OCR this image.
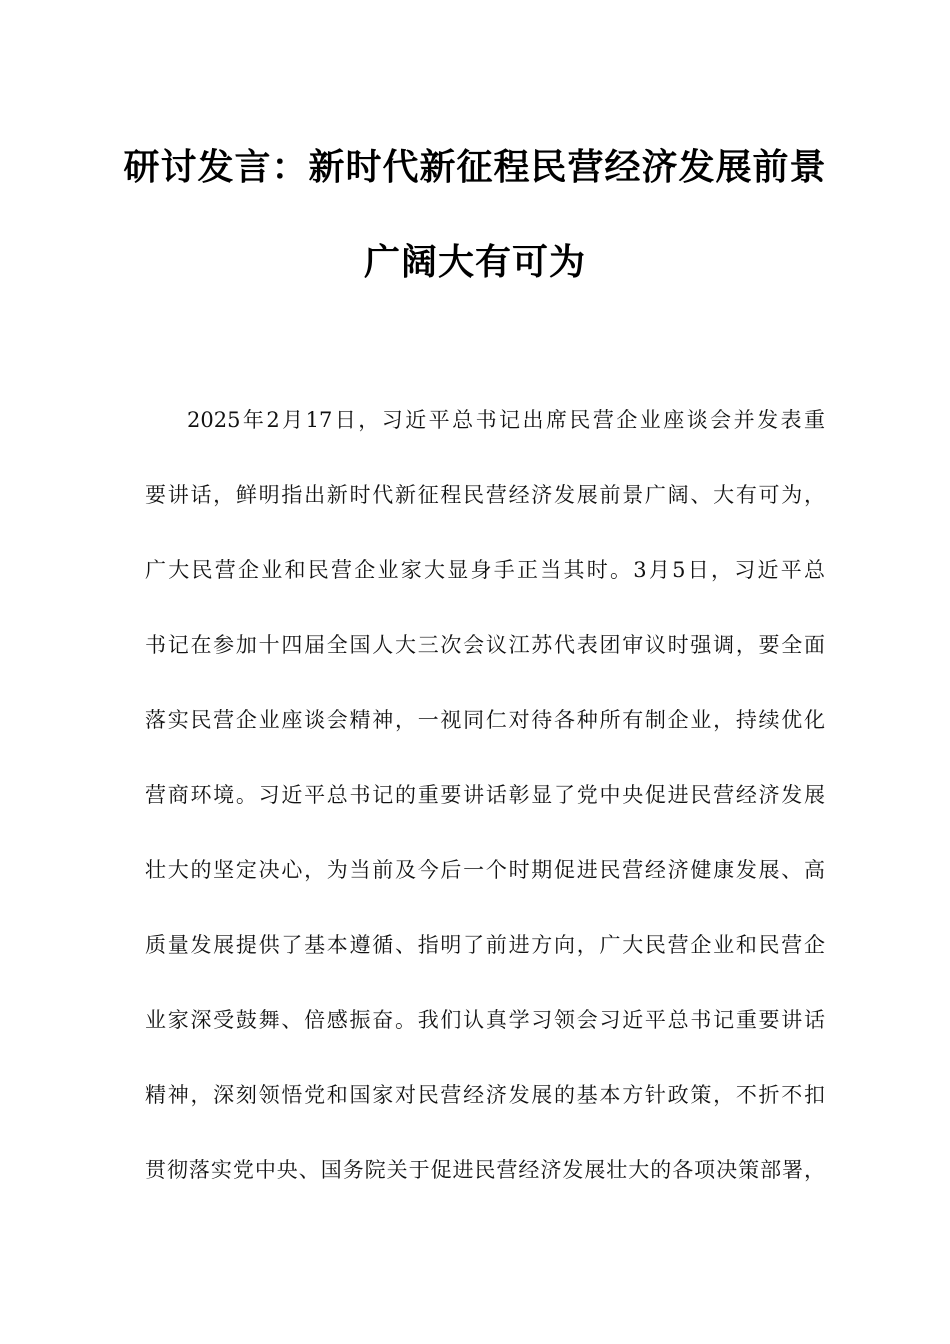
研讨发言：新时代新征程民营经济发展前景
广阔大有可为
2025年2月17日，习近平总书记出席民营企业座谈会并发表重
要讲话，鲜明指出新时代新征程民营经济发展前景广阔、大有可为，
广大民营企业和民营企业家大显身手正当其时。3月5日，习近平总
书记在参加十四届全国人大三次会议江苏代表团审议时强调，要全面
落实民营企业座谈会精神，一视同仁对待各种所有制企业，持续优化
营商环境。习近平总书记的重要讲话彰显了党中央促进民营经济发展
壮大的坚定决心，为当前及今后一个时期促进民营经济健康发展、高
质量发展提供了基本遵循、指明了前进方向，广大民营企业和民营企
业家深受鼓舞、倍感振奋。我们认真学习领会习近平总书记重要讲话
精神，深刻领悟党和国家对民营经济发展的基本方针政策，不折不扣
贯彻落实党中央、国务院关于促进民营经济发展壮大的各项决策部署，
